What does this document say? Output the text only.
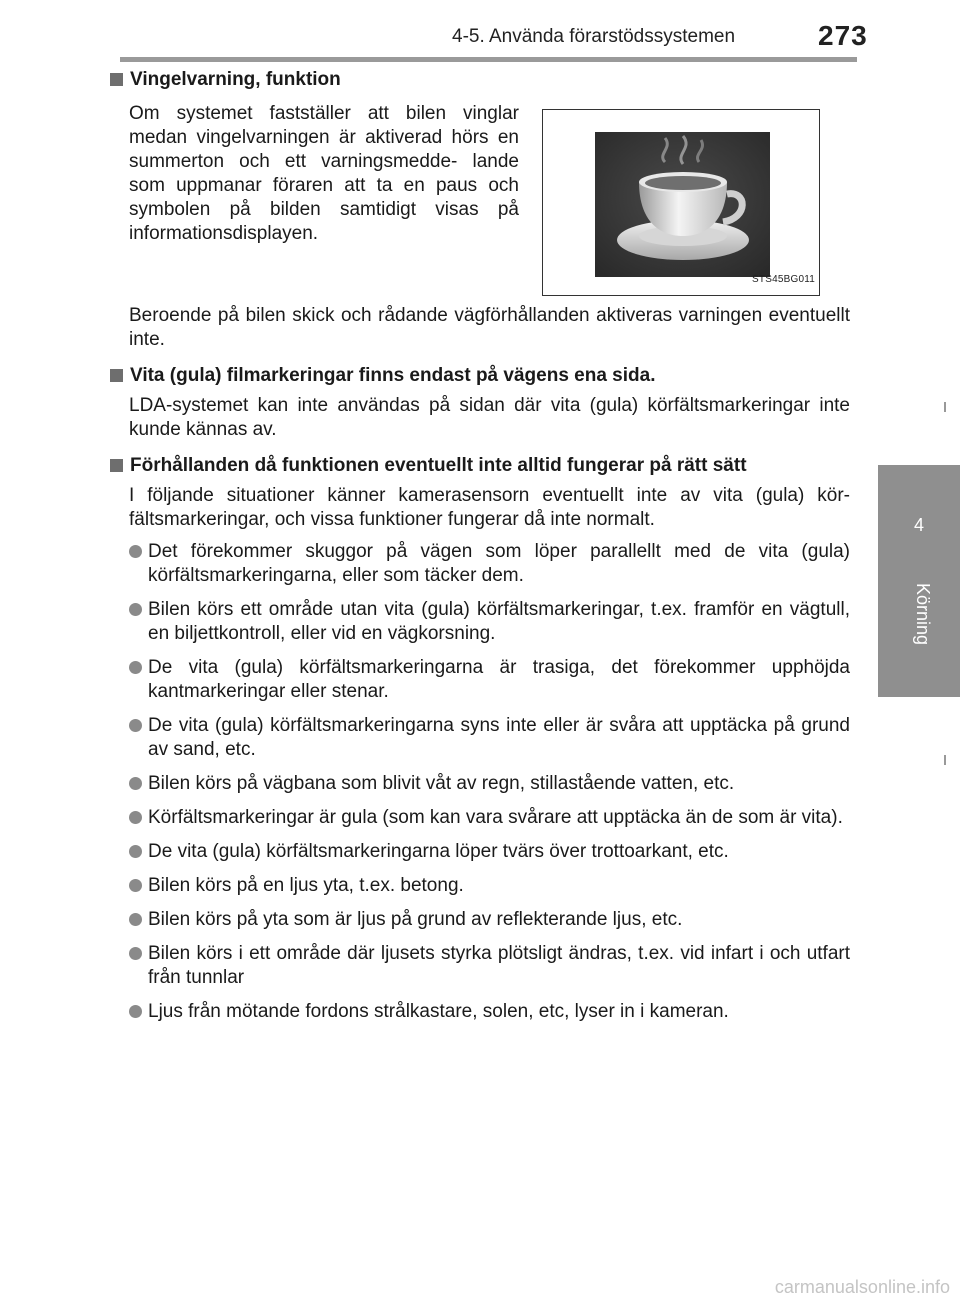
4-5. Använda förarstödssystemen	273
4
Körning
Vingelvarning, funktion
Om systemet fastställer att bilen vinglar medan vingelvarningen är aktiverad hörs en summerton och ett varningsmedde- lande som uppmanar föraren att ta en paus och symbolen på bilden samtidigt visas på informationsdisplayen.
STS45BG011

Beroende på bilen skick och rådande vägförhållanden aktiveras varningen eventuellt inte.

Vita (gula) filmarkeringar finns endast på vägens ena sida.

LDA-systemet kan inte användas på sidan där vita (gula) körfältsmarkeringar inte kunde kännas av.

Förhållanden då funktionen eventuellt inte alltid fungerar på rätt sätt

I följande situationer känner kamerasensorn eventuellt inte av vita (gula) kör- fältsmarkeringar, och vissa funktioner fungerar då inte normalt.

Det förekommer skuggor på vägen som löper parallellt med de vita (gula) körfältsmarkeringarna, eller som täcker dem.
Bilen körs ett område utan vita (gula) körfältsmarkeringar, t.ex. framför en vägtull, en biljettkontroll, eller vid en vägkorsning.
De vita (gula) körfältsmarkeringarna är trasiga, det förekommer upphöjda kantmarkeringar eller stenar.
De vita (gula) körfältsmarkeringarna syns inte eller är svåra att upptäcka på grund av sand, etc.
Bilen körs på vägbana som blivit våt av regn, stillastående vatten, etc.
Körfältsmarkeringar är gula (som kan vara svårare att upptäcka än de som är vita).
De vita (gula) körfältsmarkeringarna löper tvärs över trottoarkant, etc.
Bilen körs på en ljus yta, t.ex. betong.
Bilen körs på yta som är ljus på grund av reflekterande ljus, etc.
Bilen körs i ett område där ljusets styrka plötsligt ändras, t.ex. vid infart i och utfart från tunnlar
Ljus från mötande fordons strålkastare, solen, etc, lyser in i kameran.
carmanualsonline.info
